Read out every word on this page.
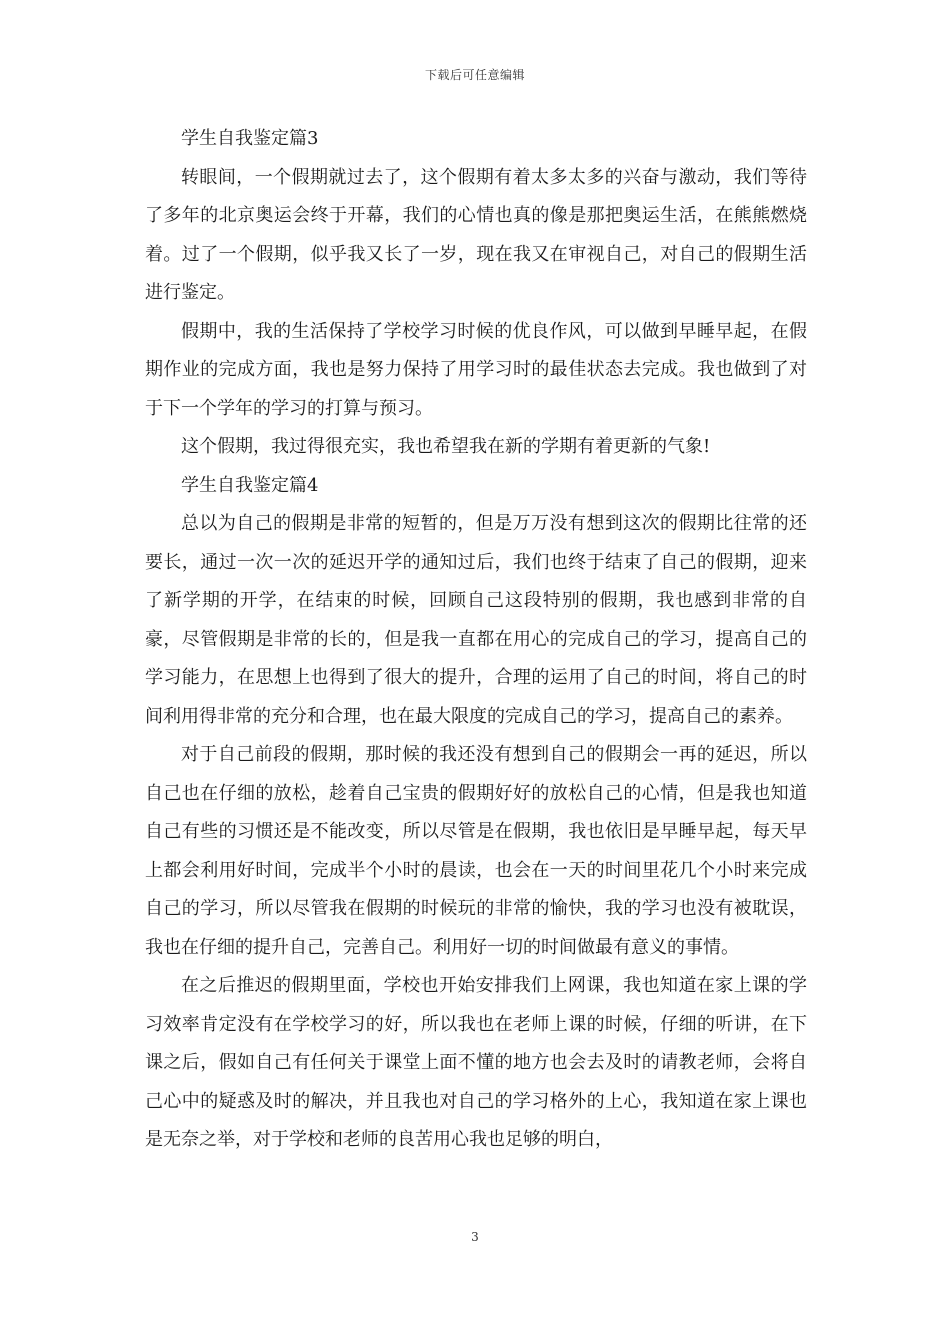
下载后可任意编辑

学生自我鉴定篇3

转眼间，一个假期就过去了，这个假期有着太多太多的兴奋与激动，我们等待了多年的北京奥运会终于开幕，我们的心情也真的像是那把奥运生活，在熊熊燃烧着。过了一个假期，似乎我又长了一岁，现在我又在审视自己，对自己的假期生活进行鉴定。

假期中，我的生活保持了学校学习时候的优良作风，可以做到早睡早起，在假期作业的完成方面，我也是努力保持了用学习时的最佳状态去完成。我也做到了对于下一个学年的学习的打算与预习。

这个假期，我过得很充实，我也希望我在新的学期有着更新的气象!

学生自我鉴定篇4

总以为自己的假期是非常的短暂的，但是万万没有想到这次的假期比往常的还要长，通过一次一次的延迟开学的通知过后，我们也终于结束了自己的假期，迎来了新学期的开学，在结束的时候，回顾自己这段特别的假期，我也感到非常的自豪，尽管假期是非常的长的，但是我一直都在用心的完成自己的学习，提高自己的学习能力，在思想上也得到了很大的提升，合理的运用了自己的时间，将自己的时间利用得非常的充分和合理，也在最大限度的完成自己的学习，提高自己的素养。

对于自己前段的假期，那时候的我还没有想到自己的假期会一再的延迟，所以自己也在仔细的放松，趁着自己宝贵的假期好好的放松自己的心情，但是我也知道自己有些的习惯还是不能改变，所以尽管是在假期，我也依旧是早睡早起，每天早上都会利用好时间，完成半个小时的晨读，也会在一天的时间里花几个小时来完成自己的学习，所以尽管我在假期的时候玩的非常的愉快，我的学习也没有被耽误，我也在仔细的提升自己，完善自己。利用好一切的时间做最有意义的事情。

在之后推迟的假期里面，学校也开始安排我们上网课，我也知道在家上课的学习效率肯定没有在学校学习的好，所以我也在老师上课的时候，仔细的听讲，在下课之后，假如自己有任何关于课堂上面不懂的地方也会去及时的请教老师，会将自己心中的疑惑及时的解决，并且我也对自己的学习格外的上心，我知道在家上课也是无奈之举，对于学校和老师的良苦用心我也足够的明白，

3
